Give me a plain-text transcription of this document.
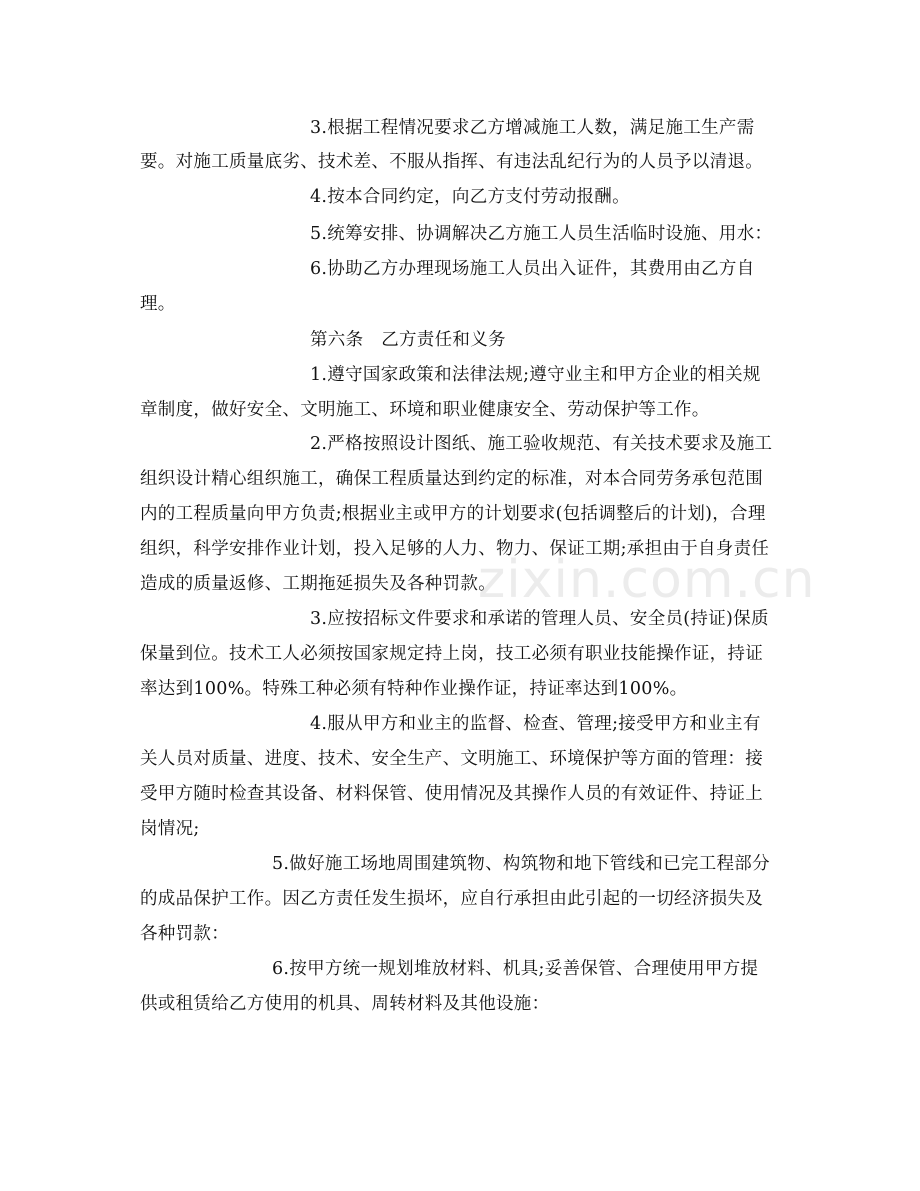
zixin.com.cn
3.根据工程情况要求乙方增减施工人数，满足施工生产需
要。对施工质量底劣、技术差、不服从指挥、有违法乱纪行为的人员予以清退。
4.按本合同约定，向乙方支付劳动报酬。
5.统筹安排、协调解决乙方施工人员生活临时设施、用水：
6.协助乙方办理现场施工人员出入证件，其费用由乙方自
理。
第六条　乙方责任和义务
1.遵守国家政策和法律法规;遵守业主和甲方企业的相关规
章制度，做好安全、文明施工、环境和职业健康安全、劳动保护等工作。
2.严格按照设计图纸、施工验收规范、有关技术要求及施工
组织设计精心组织施工，确保工程质量达到约定的标准，对本合同劳务承包范围
内的工程质量向甲方负责;根据业主或甲方的计划要求(包括调整后的计划)，合理
组织，科学安排作业计划，投入足够的人力、物力、保证工期;承担由于自身责任
造成的质量返修、工期拖延损失及各种罚款。
3.应按招标文件要求和承诺的管理人员、安全员(持证)保质
保量到位。技术工人必须按国家规定持上岗，技工必须有职业技能操作证，持证
率达到100%。特殊工种必须有特种作业操作证，持证率达到100%。
4.服从甲方和业主的监督、检查、管理;接受甲方和业主有
关人员对质量、进度、技术、安全生产、文明施工、环境保护等方面的管理：接
受甲方随时检查其设备、材料保管、使用情况及其操作人员的有效证件、持证上
岗情况;
5.做好施工场地周围建筑物、构筑物和地下管线和已完工程部分
的成品保护工作。因乙方责任发生损坏，应自行承担由此引起的一切经济损失及
各种罚款：
6.按甲方统一规划堆放材料、机具;妥善保管、合理使用甲方提
供或租赁给乙方使用的机具、周转材料及其他设施：
